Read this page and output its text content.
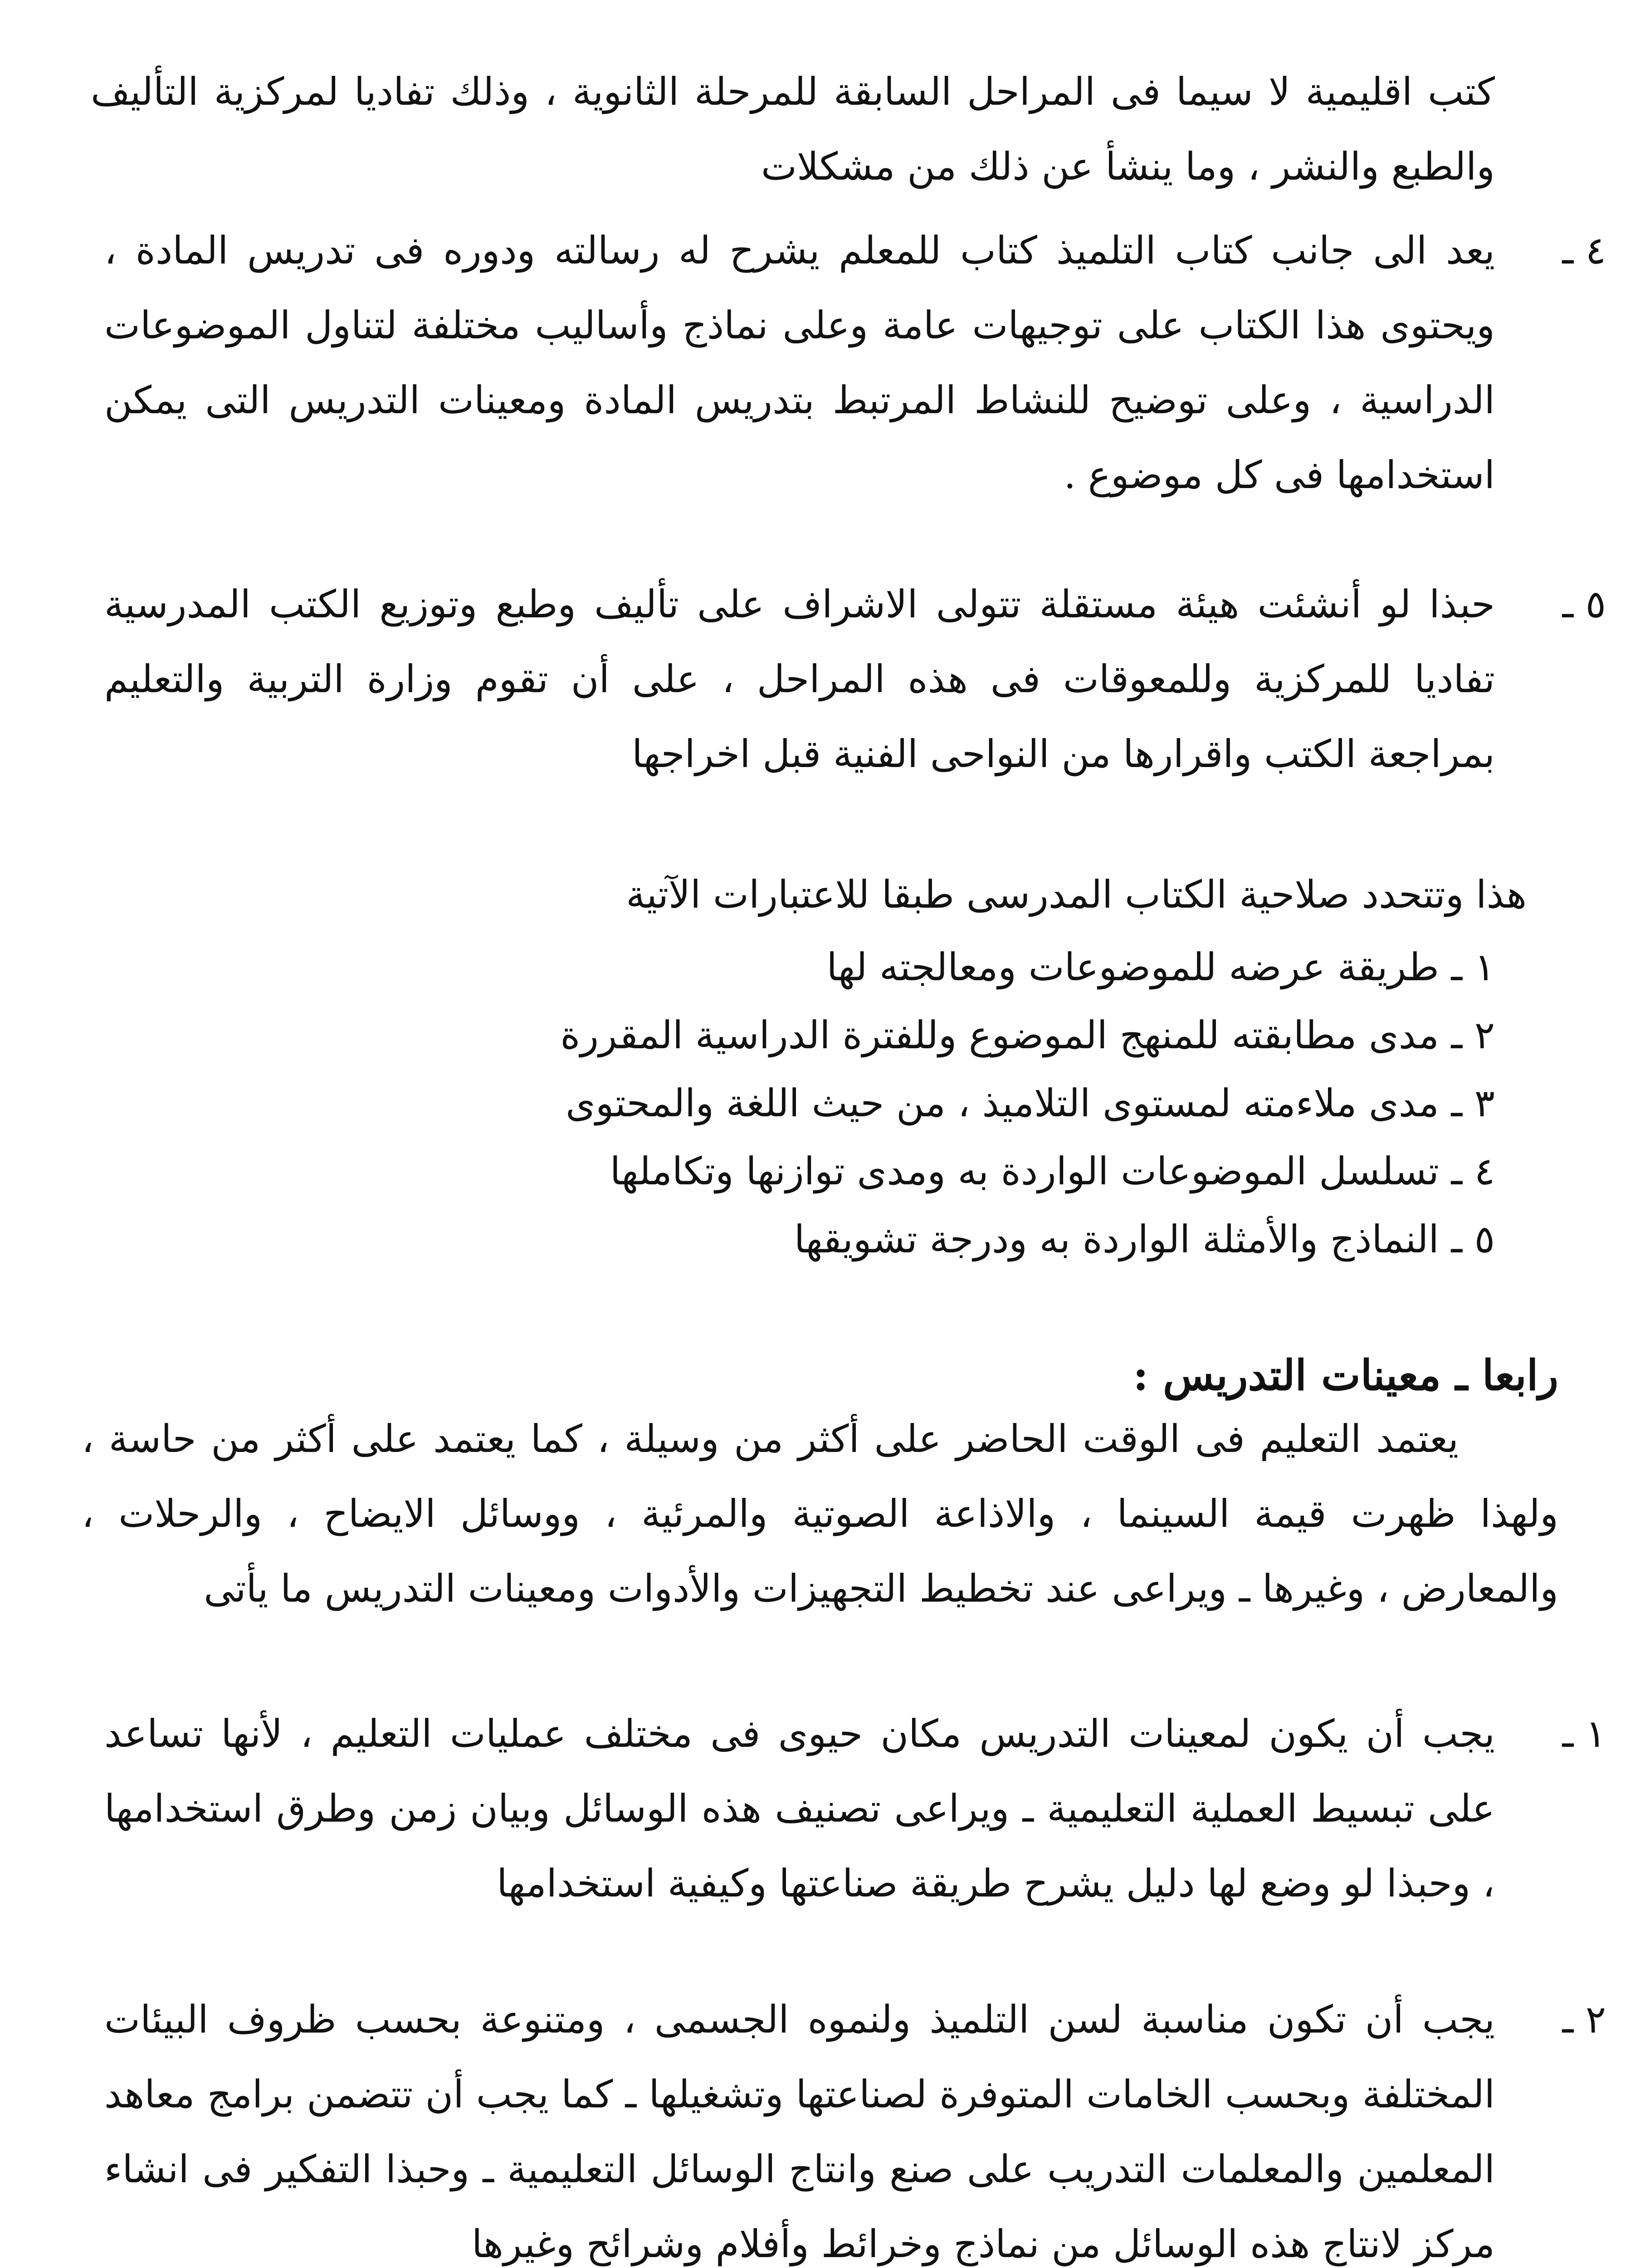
كتب اقليمية لا سيما فى المراحل السابقة للمرحلة الثانوية ، وذلك تفاديا لمركزية التأليف والطبع والنشر ، وما ينشأ عن ذلك من مشكلات
٤ ـ
يعد الى جانب كتاب التلميذ كتاب للمعلم يشرح له رسالته ودوره فى تدريس المادة ، ويحتوى هذا الكتاب على توجيهات عامة وعلى نماذج وأساليب مختلفة لتناول الموضوعات الدراسية ، وعلى توضيح للنشاط المرتبط بتدريس المادة ومعينات التدريس التى يمكن استخدامها فى كل موضوع .
٥ ـ
حبذا لو أنشئت هيئة مستقلة تتولى الاشراف على تأليف وطبع وتوزيع الكتب المدرسية تفاديا للمركزية وللمعوقات فى هذه المراحل ، على أن تقوم وزارة التربية والتعليم بمراجعة الكتب واقرارها من النواحى الفنية قبل اخراجها
هذا وتتحدد صلاحية الكتاب المدرسى طبقا للاعتبارات الآتية
١ ـ طريقة عرضه للموضوعات ومعالجته لها
٢ ـ مدى مطابقته للمنهج الموضوع وللفترة الدراسية المقررة
٣ ـ مدى ملاءمته لمستوى التلاميذ ، من حيث اللغة والمحتوى
٤ ـ تسلسل الموضوعات الواردة به ومدى توازنها وتكاملها
٥ ـ النماذج والأمثلة الواردة به ودرجة تشويقها
رابعا ـ معينات التدريس :
يعتمد التعليم فى الوقت الحاضر على أكثر من وسيلة ، كما يعتمد على أكثر من حاسة ، ولهذا ظهرت قيمة السينما ، والاذاعة الصوتية والمرئية ، ووسائل الايضاح ، والرحلات ، والمعارض ، وغيرها ـ ويراعى عند تخطيط التجهيزات والأدوات ومعينات التدريس ما يأتى
١ ـ
يجب أن يكون لمعينات التدريس مكان حيوى فى مختلف عمليات التعليم ، لأنها تساعد على تبسيط العملية التعليمية ـ ويراعى تصنيف هذه الوسائل وبيان زمن وطرق استخدامها ، وحبذا لو وضع لها دليل يشرح طريقة صناعتها وكيفية استخدامها
٢ ـ
يجب أن تكون مناسبة لسن التلميذ ولنموه الجسمى ، ومتنوعة بحسب ظروف البيئات المختلفة وبحسب الخامات المتوفرة لصناعتها وتشغيلها ـ كما يجب أن تتضمن برامج معاهد المعلمين والمعلمات التدريب على صنع وانتاج الوسائل التعليمية ـ وحبذا التفكير فى انشاء مركز لانتاج هذه الوسائل من نماذج وخرائط وأفلام وشرائح وغيرها
